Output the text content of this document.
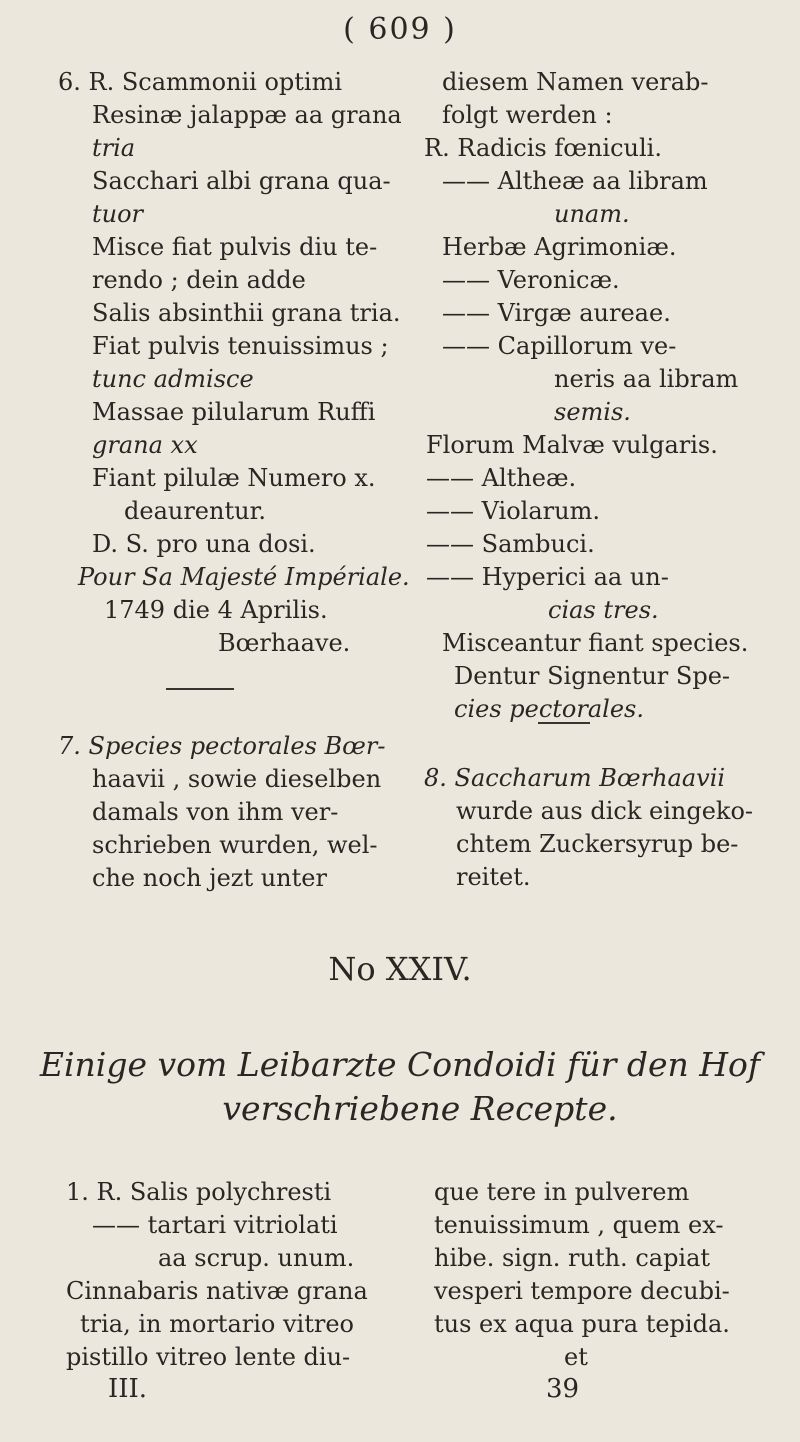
( 609 )
6. R. Scammonii optimi
Resinæ jalappæ aa grana
tria
Sacchari albi grana qua-
tuor
Misce fiat pulvis diu te-
rendo ; dein adde
Salis absinthii grana tria.
Fiat pulvis tenuissimus ;
tunc admisce
Massae pilularum Ruffi
grana xx
Fiant pilulæ Numero x.
deaurentur.
D. S. pro una dosi.
Pour Sa Majesté Impériale.
1749 die 4 Aprilis.
Bœrhaave.
diesem Namen verab-
folgt werden :
R. Radicis fœniculi.
—— Altheæ aa libram
unam.
Herbæ Agrimoniæ.
—— Veronicæ.
—— Virgæ aureae.
—— Capillorum ve-
neris aa libram
semis.
Florum Malvæ vulgaris.
—— Altheæ.
—— Violarum.
—— Sambuci.
—— Hyperici aa un-
cias tres.
Misceantur fiant species.
Dentur Signentur Spe-
cies pectorales.
7. Species pectorales Bœr-
haavii , sowie dieselben
damals von ihm ver-
schrieben wurden, wel-
che noch jezt unter
8. Saccharum Bœrhaavii
wurde aus dick eingeko-
chtem Zuckersyrup be-
reitet.
No XXIV.
Einige vom Leibarzte Condoidi für den Hof
verschriebene Recepte.
1. R. Salis polychresti
—— tartari vitriolati
aa scrup. unum.
Cinnabaris nativæ grana
tria, in mortario vitreo
pistillo vitreo lente diu-
que tere in pulverem
tenuissimum , quem ex-
hibe. sign. ruth. capiat
vesperi tempore decubi-
tus ex aqua pura tepida.
et
III.	39
